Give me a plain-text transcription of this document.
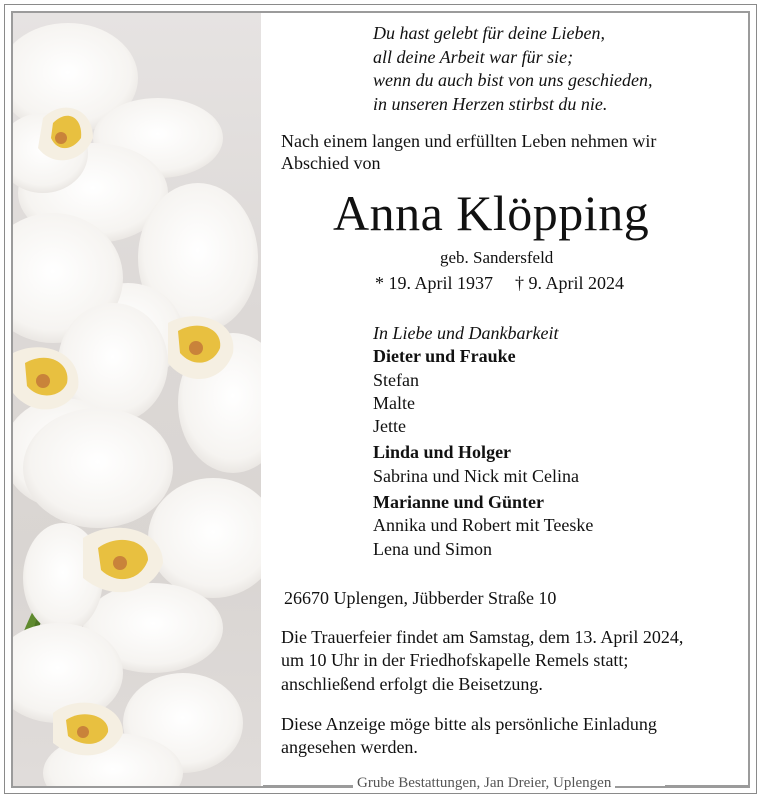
Du hast gelebt für deine Lieben,
all deine Arbeit war für sie;
wenn du auch bist von uns geschieden,
in unseren Herzen stirbst du nie.
Nach einem langen und erfüllten Leben nehmen wir
Abschied von
Anna Klöpping
geb. Sandersfeld
* 19. April 1937 † 9. April 2024
In Liebe und Dankbarkeit
Dieter und Frauke
Stefan
Malte
Jette
Linda und Holger
Sabrina und Nick mit Celina
Marianne und Günter
Annika und Robert mit Teeske
Lena und Simon
26670 Uplengen, Jübberder Straße 10
Die Trauerfeier findet am Samstag, dem 13. April 2024,
um 10 Uhr in der Friedhofskapelle Remels statt;
anschließend erfolgt die Beisetzung.
Diese Anzeige möge bitte als persönliche Einladung
angesehen werden.
Grube Bestattungen, Jan Dreier, Uplengen
